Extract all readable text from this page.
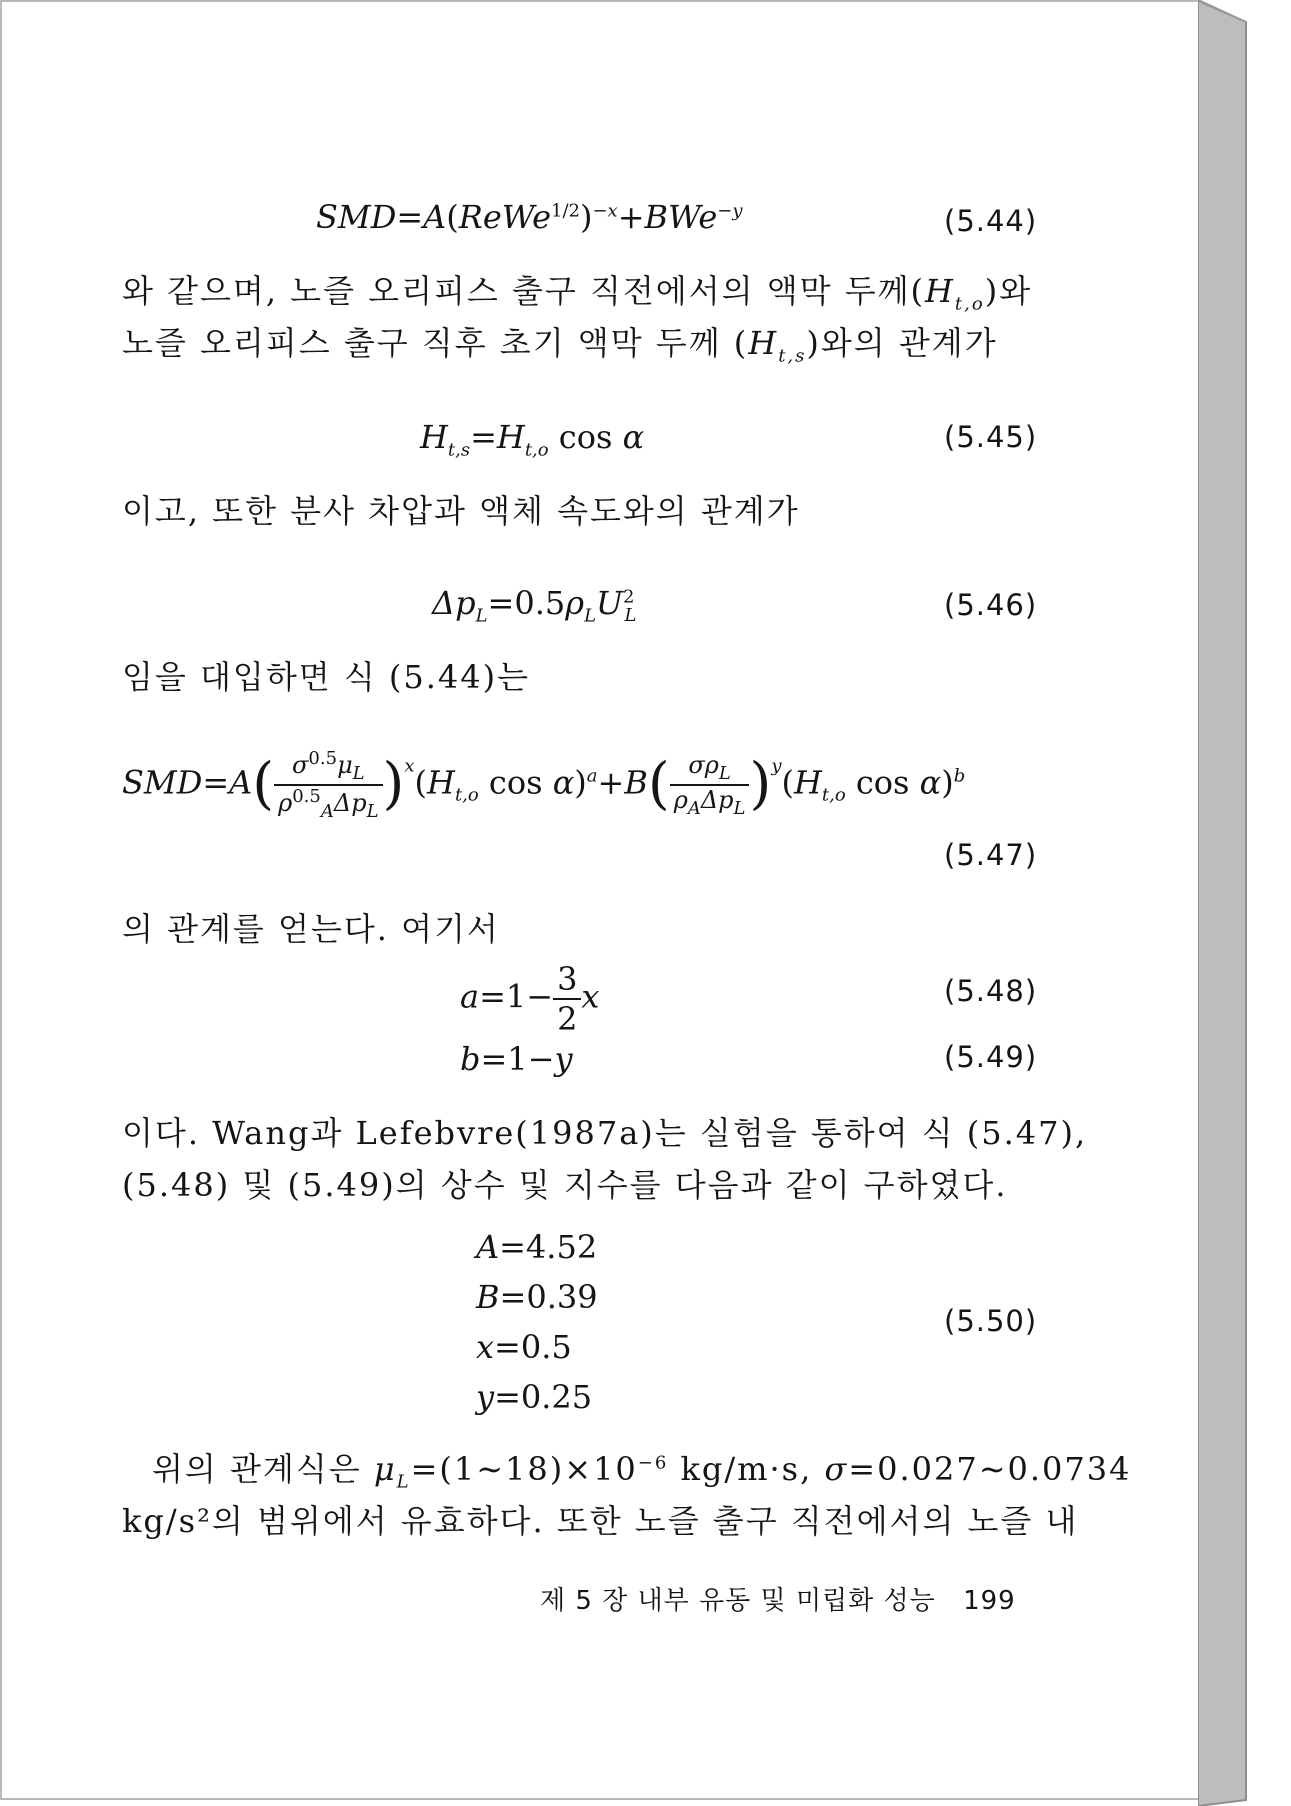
SMD=A(ReWe$^{1/2}$)$^{-x}$+BWe$^{-y}$	(5.44)
와 같으며, 노즐 오리피스 출구 직전에서의 액막 두께$(H_{t,o})$와
노즐 오리피스 출구 직후 초기 액막 두께 $(H_{t,s})$와의 관계가
$H_{t,s}=H_{t,o}$ cos α	(5.45)
이고, 또한 분사 차압과 액체 속도와의 관계가
$\Delta p_L=0.5\rho_LU^2_L$	(5.46)
임을 대입하면 식 (5.44)는
$SMD=A( \frac{\sigma^{0.5}\mu_L}{\rho^{0.5}_A\Delta p_L} )^x(H_{t,o}$ $\cos \alpha)^a+B( \frac{\sigma\rho_L}{\rho_A\Delta p_L} )^y(H_{t,o}$ cos α)$^b$
(5.47)
의 관계를 얻는다. 여기서
$a=1- \frac{3}{2}$ x	(5.48)
b=1−y	(5.49)
이다. Wang과 Lefebvre(1987a)는 실험을 통하여 식 (5.47),
(5.48) 및 (5.49)의 상수 및 지수를 다음과 같이 구하였다.
A=4.52
B=0.39
x=0.5
y=0.25
(5.50)
위의 관계식은 $\mu_L=(1\sim 18)\times 10^{-6}$ kg/m·s, σ=0.027∼0.0734
kg/s²의 범위에서 유효하다. 또한 노즐 출구 직전에서의 노즐 내
제 5 장 내부 유동 및 미립화 성능 199
